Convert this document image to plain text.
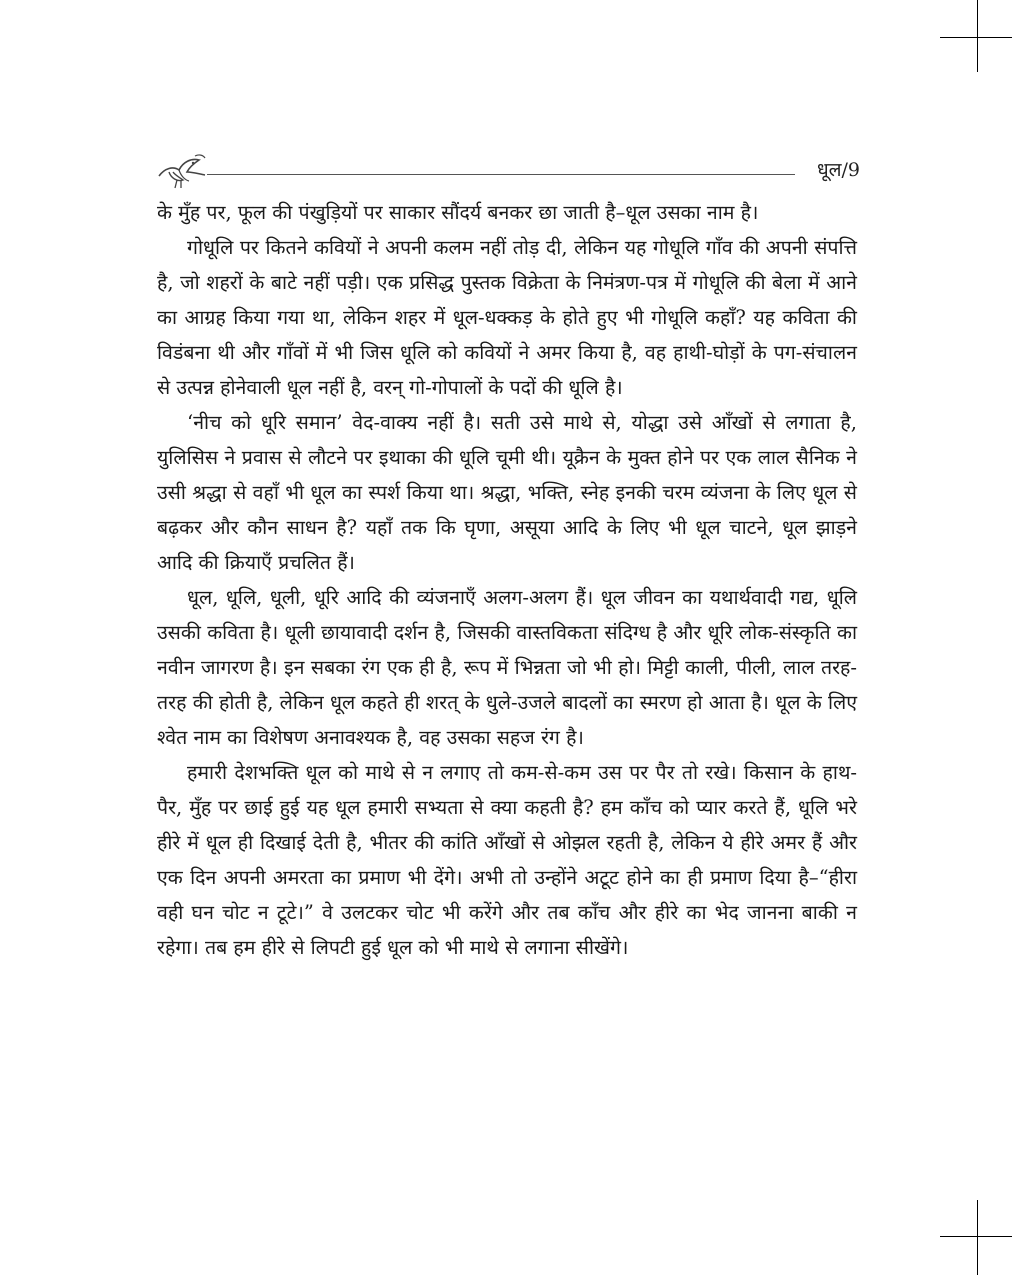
धूल/9

के मुँह पर, फूल की पंखुड़ियों पर साकार सौंदर्य बनकर छा जाती है–धूल उसका नाम है।

गोधूलि पर कितने कवियों ने अपनी कलम नहीं तोड़ दी, लेकिन यह गोधूलि गाँव की अपनी संपत्ति है, जो शहरों के बाटे नहीं पड़ी। एक प्रसिद्ध पुस्तक विक्रेता के निमंत्रण-पत्र में गोधूलि की बेला में आने का आग्रह किया गया था, लेकिन शहर में धूल-धक्कड़ के होते हुए भी गोधूलि कहाँ? यह कविता की विडंबना थी और गाँवों में भी जिस धूलि को कवियों ने अमर किया है, वह हाथी-घोड़ों के पग-संचालन से उत्पन्न होनेवाली धूल नहीं है, वरन् गो-गोपालों के पदों की धूलि है।

‘नीच को धूरि समान’ वेद-वाक्य नहीं है। सती उसे माथे से, योद्धा उसे आँखों से लगाता है, युलिसिस ने प्रवास से लौटने पर इथाका की धूलि चूमी थी। यूक्रैन के मुक्त होने पर एक लाल सैनिक ने उसी श्रद्धा से वहाँ भी धूल का स्पर्श किया था। श्रद्धा, भक्ति, स्नेह इनकी चरम व्यंजना के लिए धूल से बढ़कर और कौन साधन है? यहाँ तक कि घृणा, असूया आदि के लिए भी धूल चाटने, धूल झाड़ने आदि की क्रियाएँ प्रचलित हैं।

धूल, धूलि, धूली, धूरि आदि की व्यंजनाएँ अलग-अलग हैं। धूल जीवन का यथार्थवादी गद्य, धूलि उसकी कविता है। धूली छायावादी दर्शन है, जिसकी वास्तविकता संदिग्ध है और धूरि लोक-संस्कृति का नवीन जागरण है। इन सबका रंग एक ही है, रूप में भिन्नता जो भी हो। मिट्टी काली, पीली, लाल तरह-तरह की होती है, लेकिन धूल कहते ही शरत् के धुले-उजले बादलों का स्मरण हो आता है। धूल के लिए श्वेत नाम का विशेषण अनावश्यक है, वह उसका सहज रंग है।

हमारी देशभक्ति धूल को माथे से न लगाए तो कम-से-कम उस पर पैर तो रखे। किसान के हाथ-पैर, मुँह पर छाई हुई यह धूल हमारी सभ्यता से क्या कहती है? हम काँच को प्यार करते हैं, धूलि भरे हीरे में धूल ही दिखाई देती है, भीतर की कांति आँखों से ओझल रहती है, लेकिन ये हीरे अमर हैं और एक दिन अपनी अमरता का प्रमाण भी देंगे। अभी तो उन्होंने अटूट होने का ही प्रमाण दिया है–“हीरा वही घन चोट न टूटे।” वे उलटकर चोट भी करेंगे और तब काँच और हीरे का भेद जानना बाकी न रहेगा। तब हम हीरे से लिपटी हुई धूल को भी माथे से लगाना सीखेंगे।
